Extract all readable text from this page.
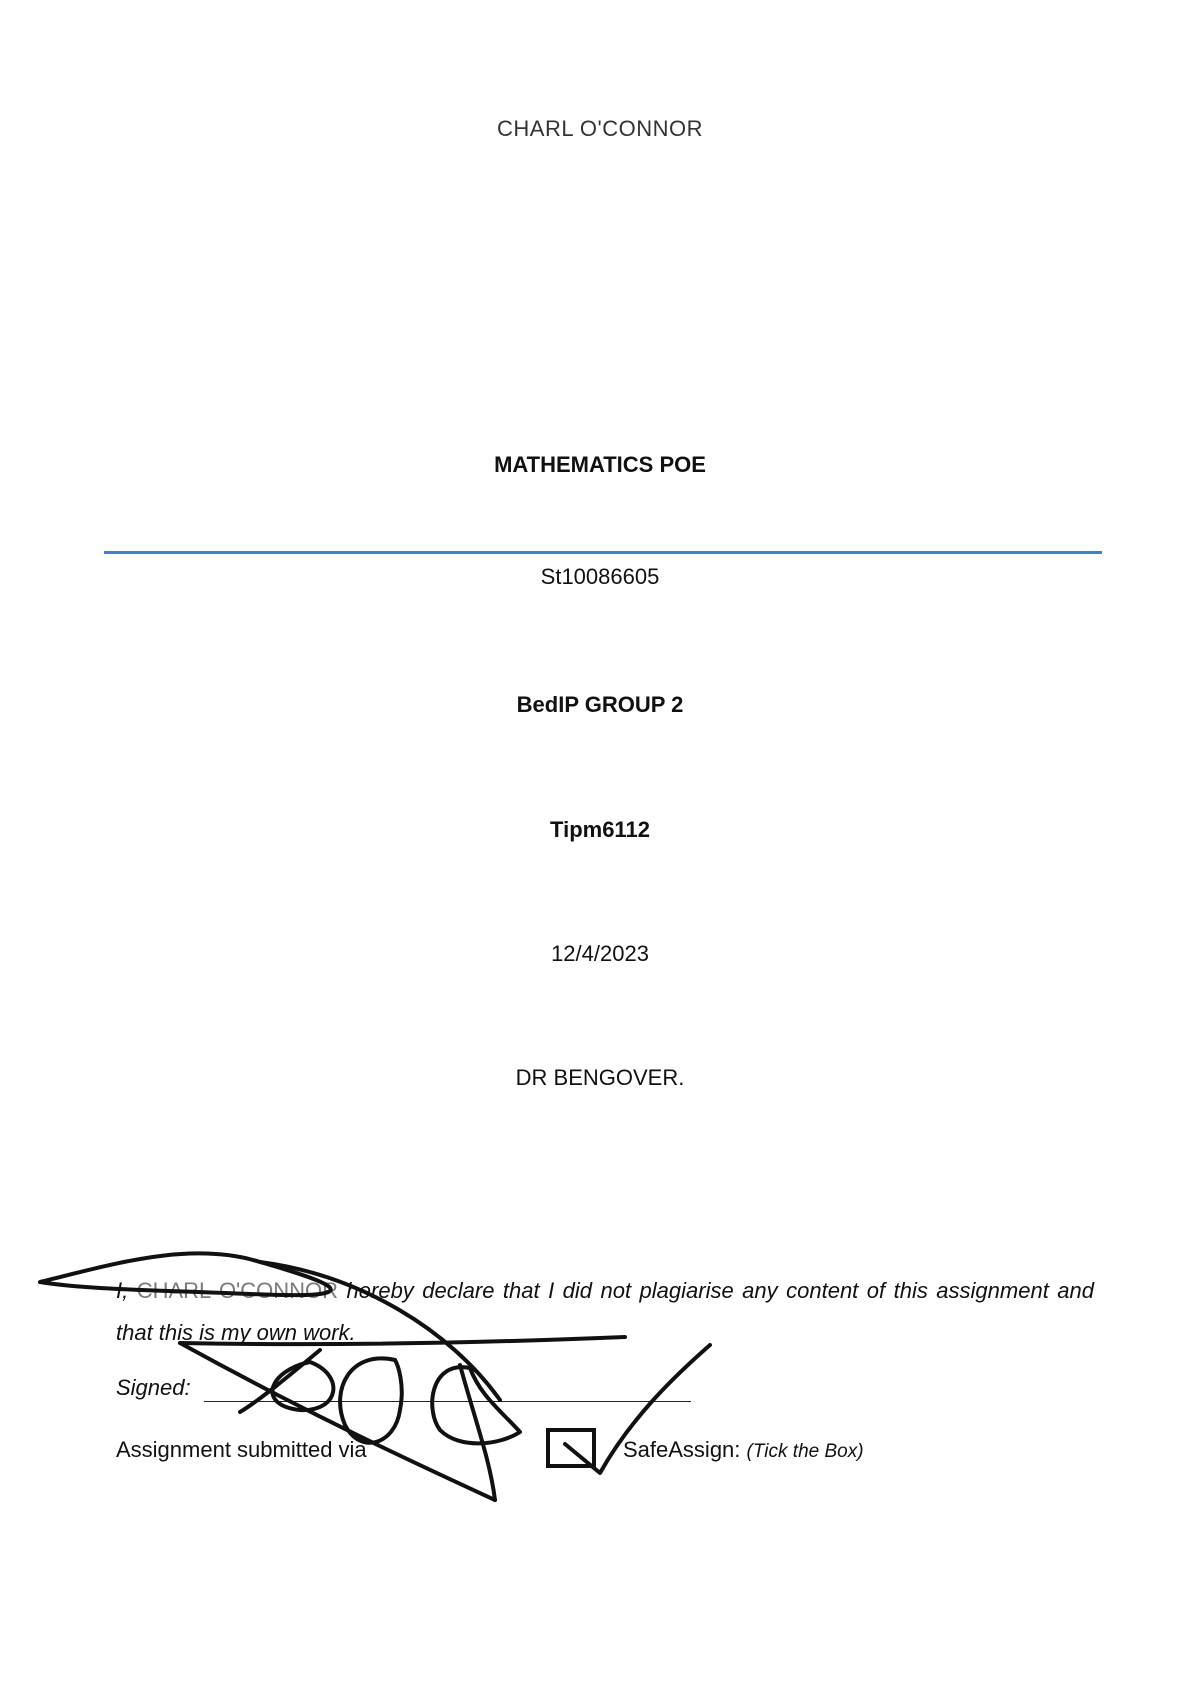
CHARL O'CONNOR
MATHEMATICS POE
St10086605
BedIP GROUP 2
Tipm6112
12/4/2023
DR BENGOVER.
I, CHARL O'CONNOR hereby declare that I did not plagiarise any content of this assignment and that this is my own work.
Signed:
Assignment submitted via	SafeAssign: (Tick the Box)
